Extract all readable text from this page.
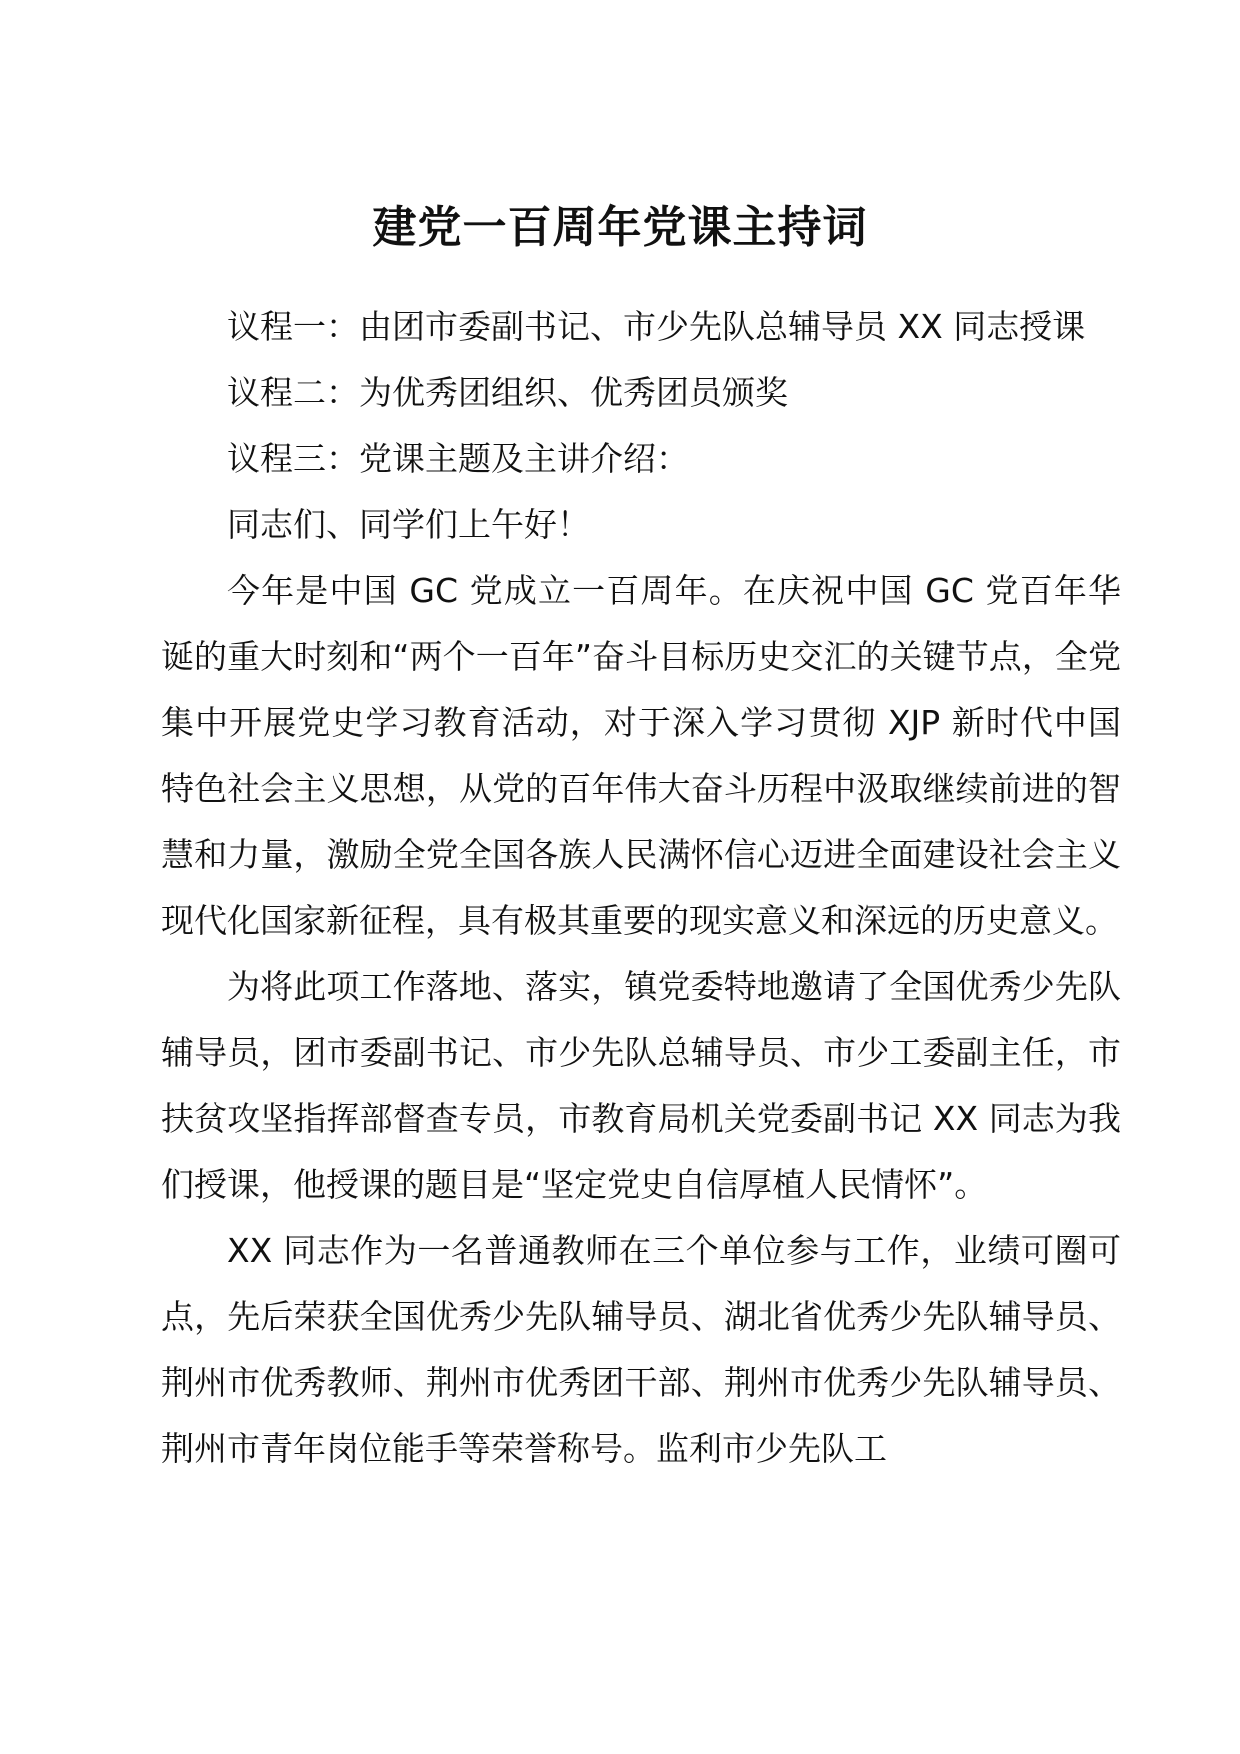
建党一百周年党课主持词

议程一：由团市委副书记、市少先队总辅导员 XX 同志授课

议程二：为优秀团组织、优秀团员颁奖

议程三：党课主题及主讲介绍：

同志们、同学们上午好！

今年是中国 GC 党成立一百周年。在庆祝中国 GC 党百年华诞的重大时刻和“两个一百年”奋斗目标历史交汇的关键节点，全党集中开展党史学习教育活动，对于深入学习贯彻 XJP 新时代中国特色社会主义思想，从党的百年伟大奋斗历程中汲取继续前进的智慧和力量，激励全党全国各族人民满怀信心迈进全面建设社会主义现代化国家新征程，具有极其重要的现实意义和深远的历史意义。

为将此项工作落地、落实，镇党委特地邀请了全国优秀少先队辅导员，团市委副书记、市少先队总辅导员、市少工委副主任，市扶贫攻坚指挥部督查专员，市教育局机关党委副书记 XX 同志为我们授课，他授课的题目是“坚定党史自信厚植人民情怀”。

XX 同志作为一名普通教师在三个单位参与工作，业绩可圈可点，先后荣获全国优秀少先队辅导员、湖北省优秀少先队辅导员、荆州市优秀教师、荆州市优秀团干部、荆州市优秀少先队辅导员、荆州市青年岗位能手等荣誉称号。监利市少先队工
